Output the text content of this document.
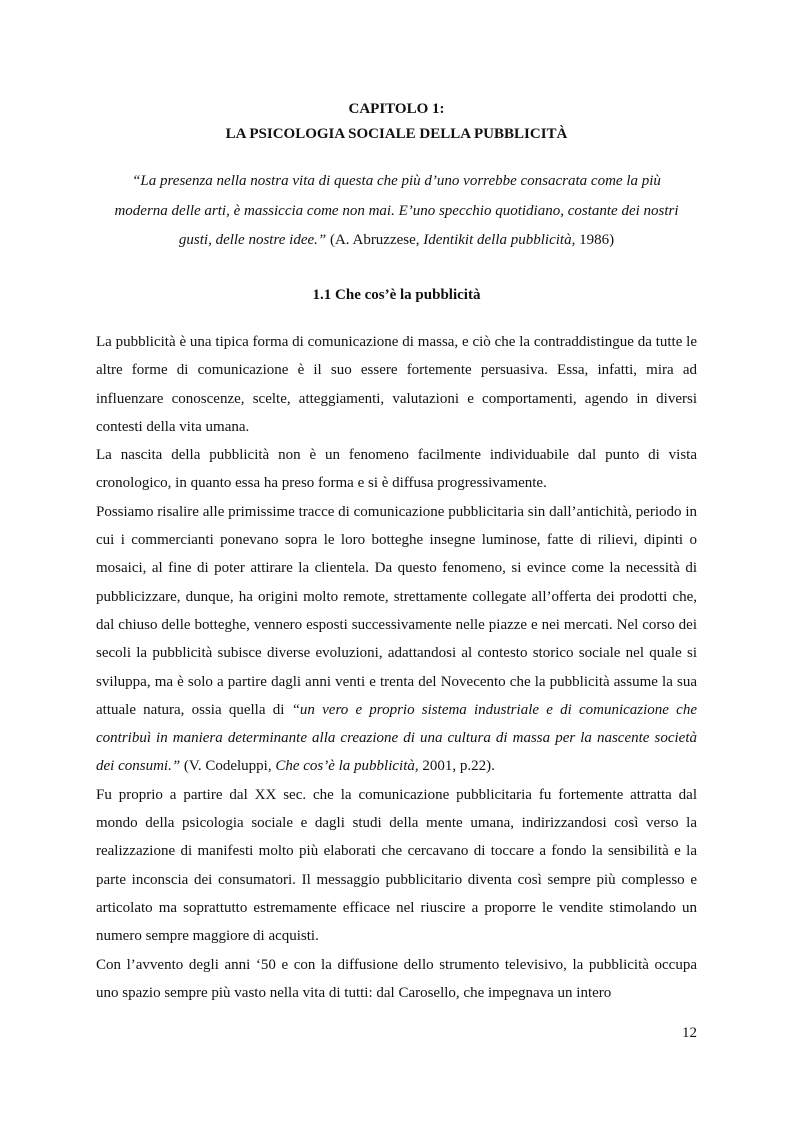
CAPITOLO 1:
LA PSICOLOGIA SOCIALE DELLA PUBBLICITÀ
“La presenza nella nostra vita di questa che più d’uno vorrebbe consacrata come la più moderna delle arti, è massiccia come non mai. E’uno specchio quotidiano, costante dei nostri gusti, delle nostre idee.” (A. Abruzzese, Identikit della pubblicità, 1986)
1.1 Che cos’è la pubblicità

La pubblicità è una tipica forma di comunicazione di massa, e ciò che la contraddistingue da tutte le altre forme di comunicazione è il suo essere fortemente persuasiva. Essa, infatti, mira ad influenzare conoscenze, scelte, atteggiamenti, valutazioni e comportamenti, agendo in diversi contesti della vita umana.

La nascita della pubblicità non è un fenomeno facilmente individuabile dal punto di vista cronologico, in quanto essa ha preso forma e si è diffusa progressivamente.

Possiamo risalire alle primissime tracce di comunicazione pubblicitaria sin dall’antichità, periodo in cui i commercianti ponevano sopra le loro botteghe insegne luminose, fatte di rilievi, dipinti o mosaici, al fine di poter attirare la clientela. Da questo fenomeno, si evince come la necessità di pubblicizzare, dunque, ha origini molto remote, strettamente collegate all’offerta dei prodotti che, dal chiuso delle botteghe, vennero esposti successivamente nelle piazze e nei mercati. Nel corso dei secoli la pubblicità subisce diverse evoluzioni, adattandosi al contesto storico sociale nel quale si sviluppa, ma è solo a partire dagli anni venti e trenta del Novecento che la pubblicità assume la sua attuale natura, ossia quella di “un vero e proprio sistema industriale e di comunicazione che contribuì in maniera determinante alla creazione di una cultura di massa per la nascente società dei consumi.” (V. Codeluppi, Che cos’è la pubblicità, 2001, p.22).

Fu proprio a partire dal XX sec. che la comunicazione pubblicitaria fu fortemente attratta dal mondo della psicologia sociale e dagli studi della mente umana, indirizzandosi così verso la realizzazione di manifesti molto più elaborati che cercavano di toccare a fondo la sensibilità e la parte inconscia dei consumatori. Il messaggio pubblicitario diventa così sempre più complesso e articolato ma soprattutto estremamente efficace nel riuscire a proporre le vendite stimolando un numero sempre maggiore di acquisti.

Con l’avvento degli anni ‘50 e con la diffusione dello strumento televisivo, la pubblicità occupa uno spazio sempre più vasto nella vita di tutti: dal Carosello, che impegnava un intero

12
